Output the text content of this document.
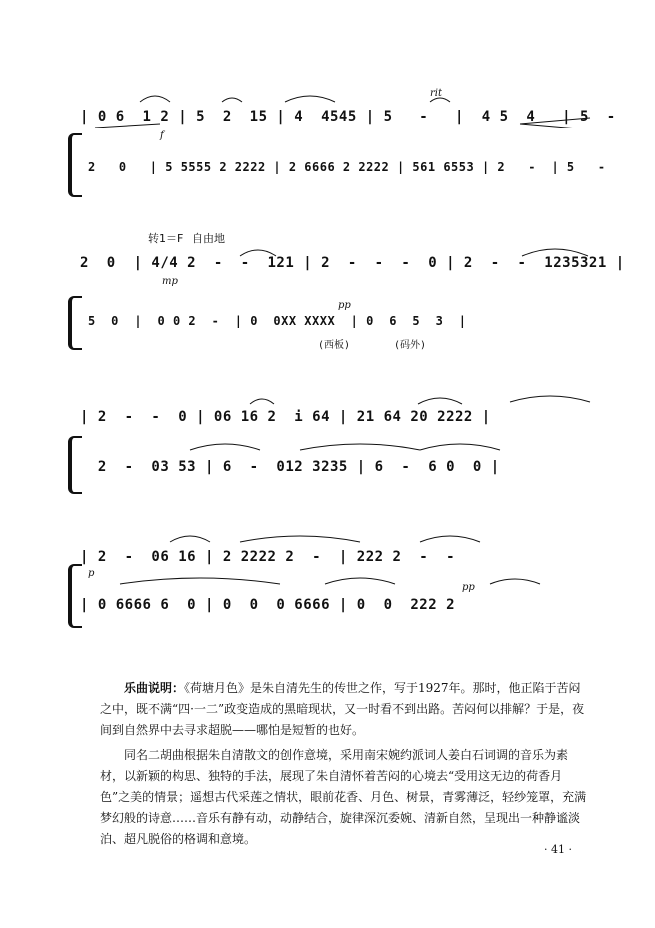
| 0 6  1 2 | 5  2  15 | 4  4545 | 5   -   |  4 5  4   | 5  -
2   0   | 5 5555 2 2222 | 2 6666 2 2222 | 561 6553 | 2   -  | 5   -
f
rit
转1＝F 自由地
2  0  | 4/4 2  -  -  121 | 2  -  -  -  0 | 2  -  -  1235321 |
5  0  |  0 0 2  -  | 0  0XX XXXX  | 0  6  5  3  |
mp
pp
(西板)	(码外)
| 2  -  -  0 | 06 16 2  i 64 | 21 64 20 2222 |
2  -  03 53 | 6  -  012 3235 | 6  -  6 0  0 |
| 2  -  06 16 | 2 2222 2  -  | 222 2  -  -
| 0 6666 6  0 | 0  0  0 6666 | 0  0  222 2
p
pp

乐曲说明：《荷塘月色》是朱自清先生的传世之作，写于1927年。那时，他正陷于苦闷之中，既不满“四·一二”政变造成的黑暗现状，又一时看不到出路。苦闷何以排解？于是，夜间到自然界中去寻求超脱——哪怕是短暂的也好。

同名二胡曲根据朱自清散文的创作意境，采用南宋婉约派词人姜白石词调的音乐为素材，以新颖的构思、独特的手法，展现了朱自清怀着苦闷的心境去“受用这无边的荷香月色”之美的情景；遥想古代采莲之情状，眼前花香、月色、树景，青雾薄泛，轻纱笼罩，充满梦幻般的诗意……音乐有静有动，动静结合，旋律深沉委婉、清新自然，呈现出一种静谧淡泊、超凡脱俗的格调和意境。

· 41 ·
